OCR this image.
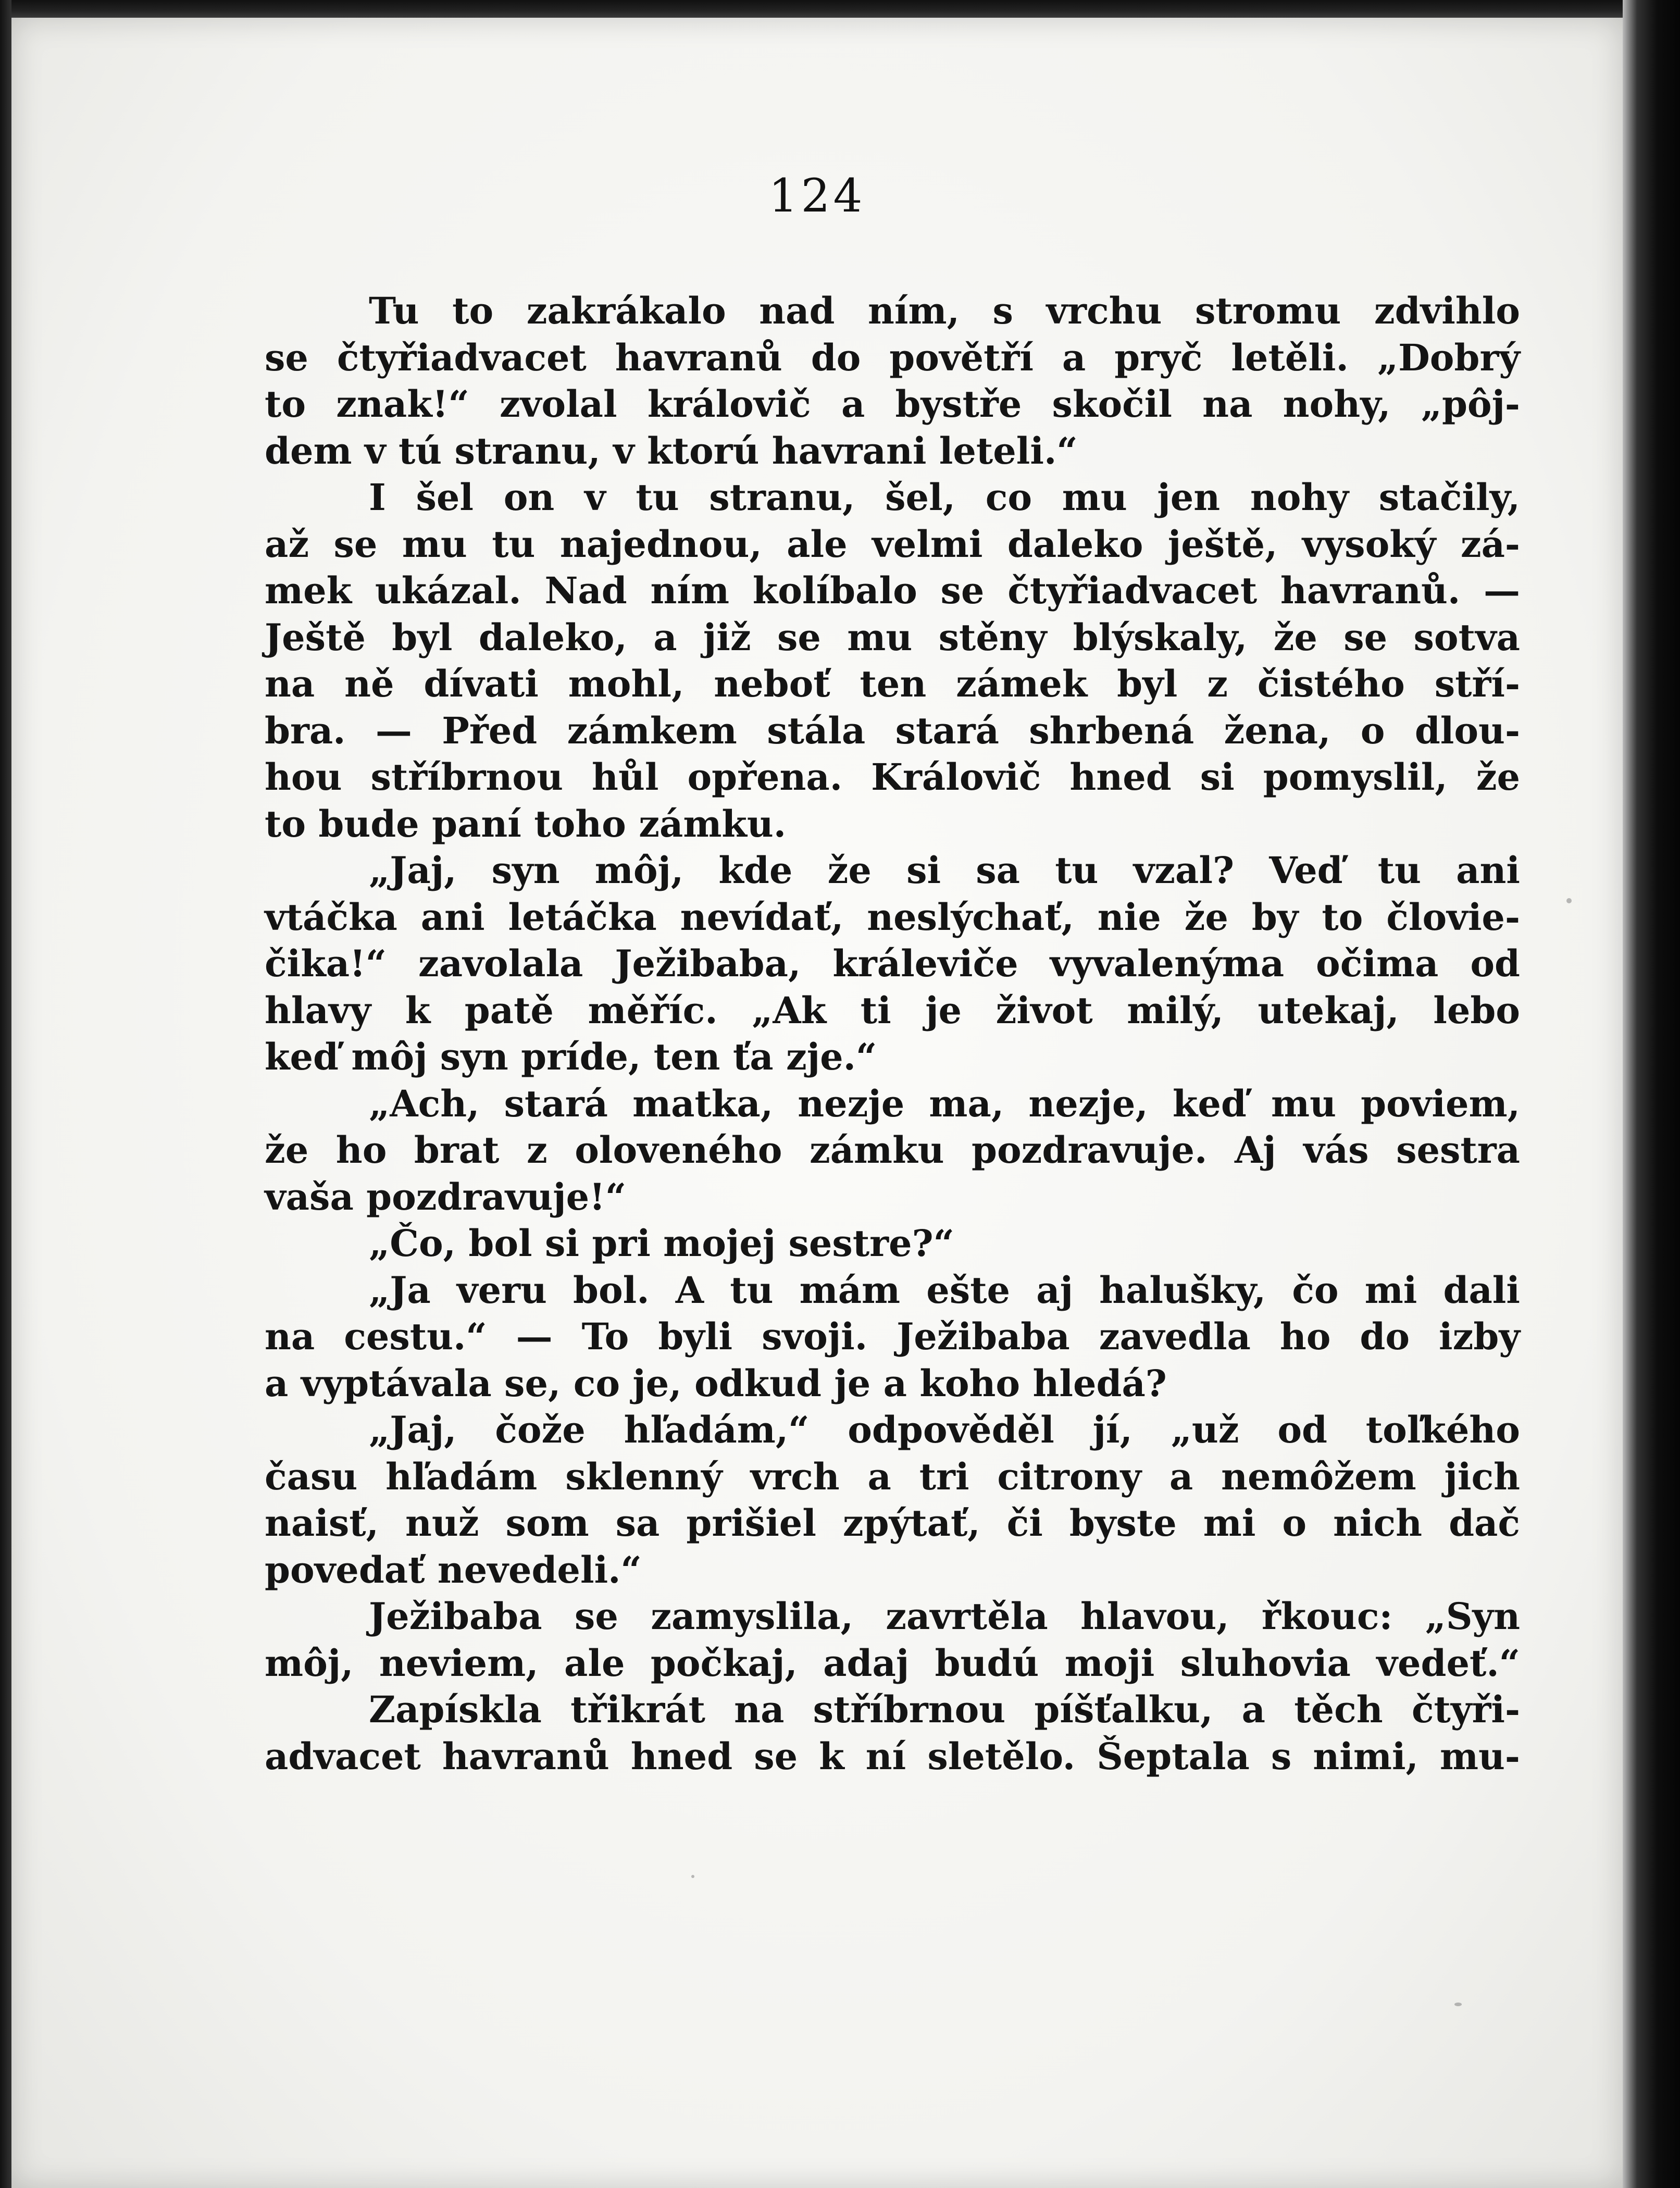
124
Tu to zakrákalo nad ním, s vrchu stromu zdvihlo
se čtyřiadvacet havranů do povětří a pryč letěli. „Dobrý
to znak!“ zvolal královič a bystře skočil na nohy, „pôj-
dem v tú stranu, v ktorú havrani leteli.“
I šel on v tu stranu, šel, co mu jen nohy stačily,
až se mu tu najednou, ale velmi daleko ještě, vysoký zá-
mek ukázal. Nad ním kolíbalo se čtyřiadvacet havranů. —
Ještě byl daleko, a již se mu stěny blýskaly, že se sotva
na ně dívati mohl, neboť ten zámek byl z čistého stří-
bra. — Před zámkem stála stará shrbená žena, o dlou-
hou stříbrnou hůl opřena. Královič hned si pomyslil, že
to bude paní toho zámku.
„Jaj, syn môj, kde že si sa tu vzal? Veď tu ani
vtáčka ani letáčka nevídať, neslýchať, nie že by to človie-
čika!“ zavolala Ježibaba, králeviče vyvalenýma očima od
hlavy k patě měříc. „Ak ti je život milý, utekaj, lebo
keď môj syn príde, ten ťa zje.“
„Ach, stará matka, nezje ma, nezje, keď mu poviem,
že ho brat z oloveného zámku pozdravuje. Aj vás sestra
vaša pozdravuje!“
„Čo, bol si pri mojej sestre?“
„Ja veru bol. A tu mám ešte aj halušky, čo mi dali
na cestu.“ — To byli svoji. Ježibaba zavedla ho do izby
a vyptávala se, co je, odkud je a koho hledá?
„Jaj, čože hľadám,“ odpověděl jí, „už od toľkého
času hľadám sklenný vrch a tri citrony a nemôžem jich
naisť, nuž som sa prišiel zpýtať, či byste mi o nich dač
povedať nevedeli.“
Ježibaba se zamyslila, zavrtěla hlavou, řkouc: „Syn
môj, neviem, ale počkaj, adaj budú moji sluhovia vedeť.“
Zapískla třikrát na stříbrnou píšťalku, a těch čtyři-
advacet havranů hned se k ní sletělo. Šeptala s nimi, mu-
